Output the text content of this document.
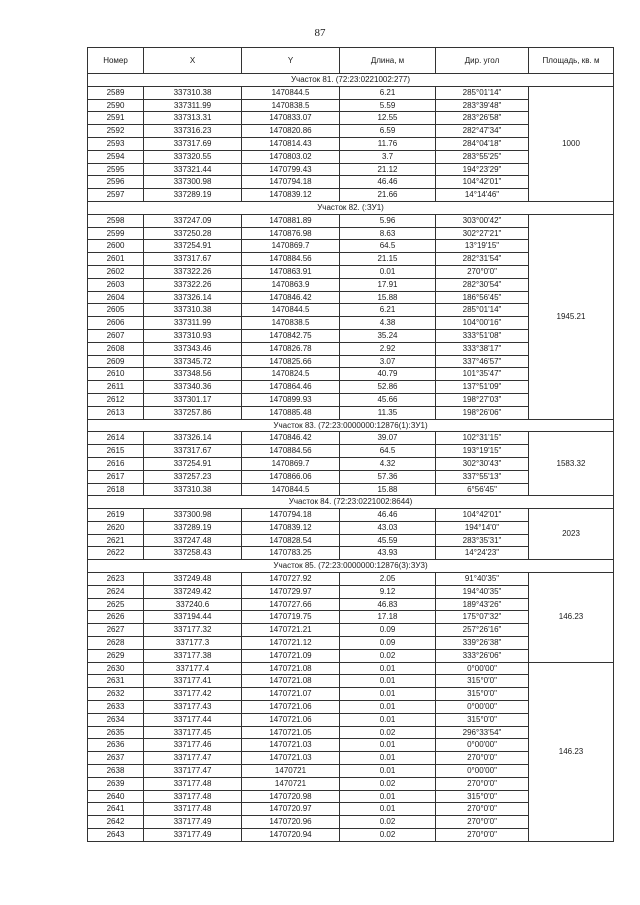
87
Номер	X	Y	Длина, м	Дир. угол	Площадь, кв. м
Участок 81. (72:23:0221002:277)					
2589	337310.38	1470844.5	6.21	285°01'14"	1000
2590	337311.99	1470838.5	5.59	283°39'48"	
2591	337313.31	1470833.07	12.55	283°26'58"	
2592	337316.23	1470820.86	6.59	282°47'34"	
2593	337317.69	1470814.43	11.76	284°04'18"	
2594	337320.55	1470803.02	3.7	283°55'25"	
2595	337321.44	1470799.43	21.12	194°23'29"	
2596	337300.98	1470794.18	46.46	104°42'01"	
2597	337289.19	1470839.12	21.66	14°14'46"	
Участок 82. (:ЗУ1)					
2598	337247.09	1470881.89	5.96	303°00'42"	1945.21
2599	337250.28	1470876.98	8.63	302°27'21"	
2600	337254.91	1470869.7	64.5	13°19'15"	
2601	337317.67	1470884.56	21.15	282°31'54"	
2602	337322.26	1470863.91	0.01	270°0'0"	
2603	337322.26	1470863.9	17.91	282°30'54"	
2604	337326.14	1470846.42	15.88	186°56'45"	
2605	337310.38	1470844.5	6.21	285°01'14"	
2606	337311.99	1470838.5	4.38	104°00'16"	
2607	337310.93	1470842.75	35.24	333°51'08"	
2608	337343.46	1470826.78	2.92	333°38'17"	
2609	337345.72	1470825.66	3.07	337°46'57"	
2610	337348.56	1470824.5	40.79	101°35'47"	
2611	337340.36	1470864.46	52.86	137°51'09"	
2612	337301.17	1470899.93	45.66	198°27'03"	
2613	337257.86	1470885.48	11.35	198°26'06"	
Участок 83. (72:23:0000000:12876(1):ЗУ1)					
2614	337326.14	1470846.42	39.07	102°31'15"	1583.32
2615	337317.67	1470884.56	64.5	193°19'15"	
2616	337254.91	1470869.7	4.32	302°30'43"	
2617	337257.23	1470866.06	57.36	337°55'13"	
2618	337310.38	1470844.5	15.88	6°56'45"	
Участок 84. (72:23:0221002:8644)					
2619	337300.98	1470794.18	46.46	104°42'01"	2023
2620	337289.19	1470839.12	43.03	194°14'0"	
2621	337247.48	1470828.54	45.59	283°35'31"	
2622	337258.43	1470783.25	43.93	14°24'23"	
Участок 85. (72:23:0000000:12876(3):ЗУ3)					
2623	337249.48	1470727.92	2.05	91°40'35"	146.23
2624	337249.42	1470729.97	9.12	194°40'35"	
2625	337240.6	1470727.66	46.83	189°43'26"	
2626	337194.44	1470719.75	17.18	175°07'32"	
2627	337177.32	1470721.21	0.09	257°26'16"	
2628	337177.3	1470721.12	0.09	339°26'38"	
2629	337177.38	1470721.09	0.02	333°26'06"	
2630	337177.4	1470721.08	0.01	0°00'00"	146.23
2631	337177.41	1470721.08	0.01	315°0'0"	
2632	337177.42	1470721.07	0.01	315°0'0"	
2633	337177.43	1470721.06	0.01	0°00'00"	
2634	337177.44	1470721.06	0.01	315°0'0"	
2635	337177.45	1470721.05	0.02	296°33'54"	
2636	337177.46	1470721.03	0.01	0°00'00"	
2637	337177.47	1470721.03	0.01	270°0'0"	
2638	337177.47	1470721	0.01	0°00'00"	
2639	337177.48	1470721	0.02	270°0'0"	
2640	337177.48	1470720.98	0.01	315°0'0"	
2641	337177.48	1470720.97	0.01	270°0'0"	
2642	337177.49	1470720.96	0.02	270°0'0"	
2643	337177.49	1470720.94	0.02	270°0'0"	
